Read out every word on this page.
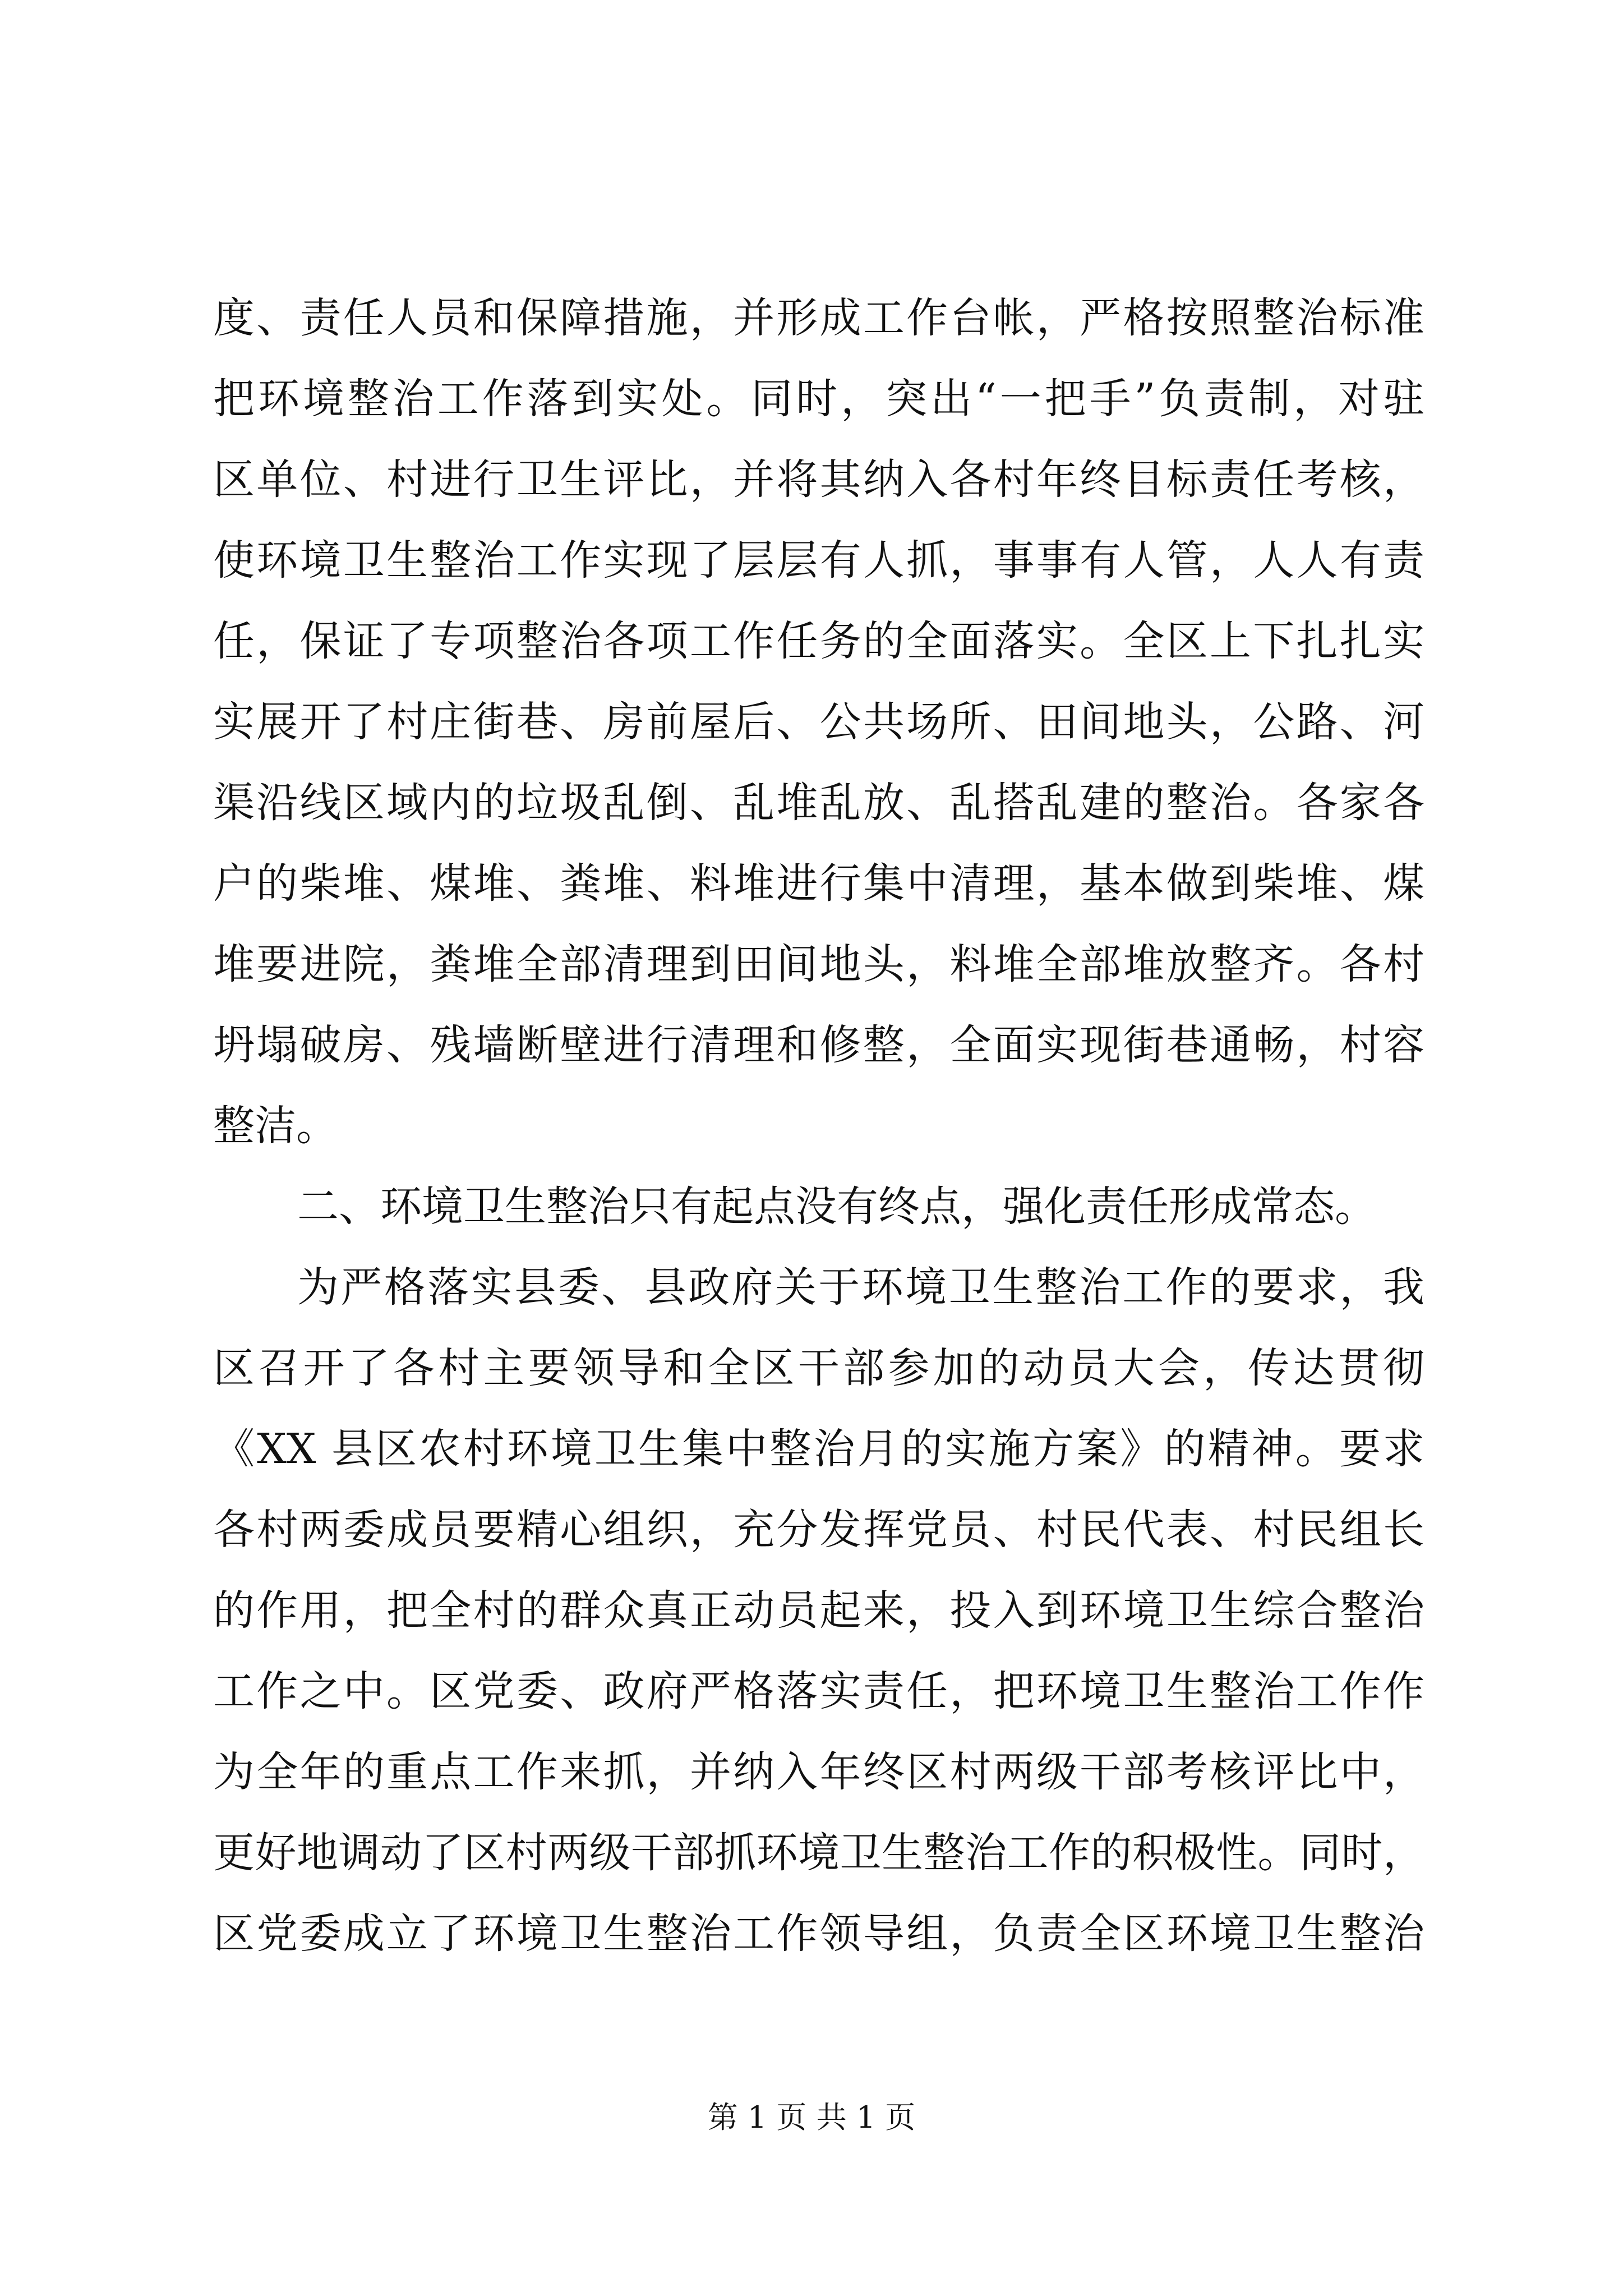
度、责任人员和保障措施，并形成工作台帐，严格按照整治标准
把环境整治工作落到实处。同时，突出“一把手”负责制，对驻
区单位、村进行卫生评比，并将其纳入各村年终目标责任考核，
使环境卫生整治工作实现了层层有人抓，事事有人管，人人有责
任，保证了专项整治各项工作任务的全面落实。全区上下扎扎实
实展开了村庄街巷、房前屋后、公共场所、田间地头，公路、河
渠沿线区域内的垃圾乱倒、乱堆乱放、乱搭乱建的整治。各家各
户的柴堆、煤堆、粪堆、料堆进行集中清理，基本做到柴堆、煤
堆要进院，粪堆全部清理到田间地头，料堆全部堆放整齐。各村
坍塌破房、残墙断壁进行清理和修整，全面实现街巷通畅，村容
整洁。
二、环境卫生整治只有起点没有终点，强化责任形成常态。
为严格落实县委、县政府关于环境卫生整治工作的要求，我
区召开了各村主要领导和全区干部参加的动员大会，传达贯彻
《XX 县区农村环境卫生集中整治月的实施方案》的精神。要求
各村两委成员要精心组织，充分发挥党员、村民代表、村民组长
的作用，把全村的群众真正动员起来，投入到环境卫生综合整治
工作之中。区党委、政府严格落实责任，把环境卫生整治工作作
为全年的重点工作来抓，并纳入年终区村两级干部考核评比中，
更好地调动了区村两级干部抓环境卫生整治工作的积极性。同时，
区党委成立了环境卫生整治工作领导组，负责全区环境卫生整治
第 1 页 共 1 页
